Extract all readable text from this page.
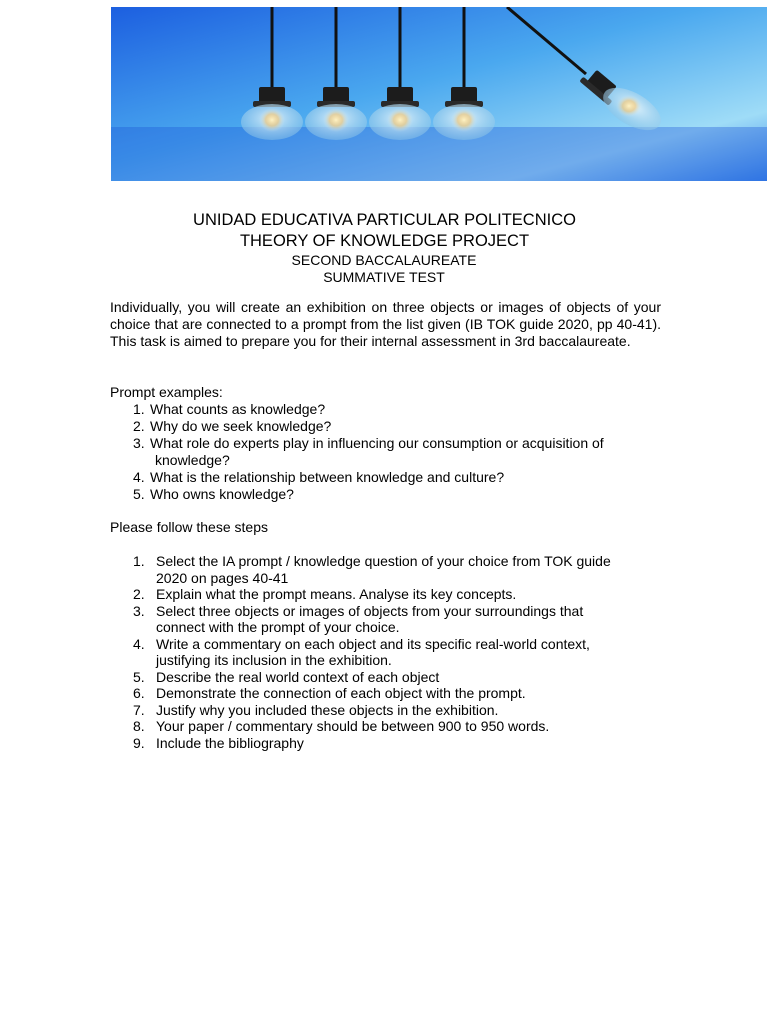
UNIDAD EDUCATIVA PARTICULAR POLITECNICO
THEORY OF KNOWLEDGE PROJECT
SECOND BACCALAUREATE
SUMMATIVE TEST
Individually, you will create an exhibition on three objects or images of objects of your choice that are connected to a prompt from the list given (IB TOK guide 2020, pp 40-41). This task is aimed to prepare you for their internal assessment in 3rd baccalaureate.
Prompt examples:
1. What counts as knowledge?
2. Why do we seek knowledge?
3. What role do experts play in influencing our consumption or acquisition of
knowledge?
4. What is the relationship between knowledge and culture?
5. Who owns knowledge?
Please follow these steps
1. Select the IA prompt / knowledge question of your choice from TOK guide
2020 on pages 40-41
2. Explain what the prompt means. Analyse its key concepts.
3. Select three objects or images of objects from your surroundings that
connect with the prompt of your choice.
4. Write a commentary on each object and its specific real-world context,
justifying its inclusion in the exhibition.
5. Describe the real world context of each object
6. Demonstrate the connection of each object with the prompt.
7. Justify why you included these objects in the exhibition.
8. Your paper / commentary should be between 900 to 950 words.
9. Include the bibliography
